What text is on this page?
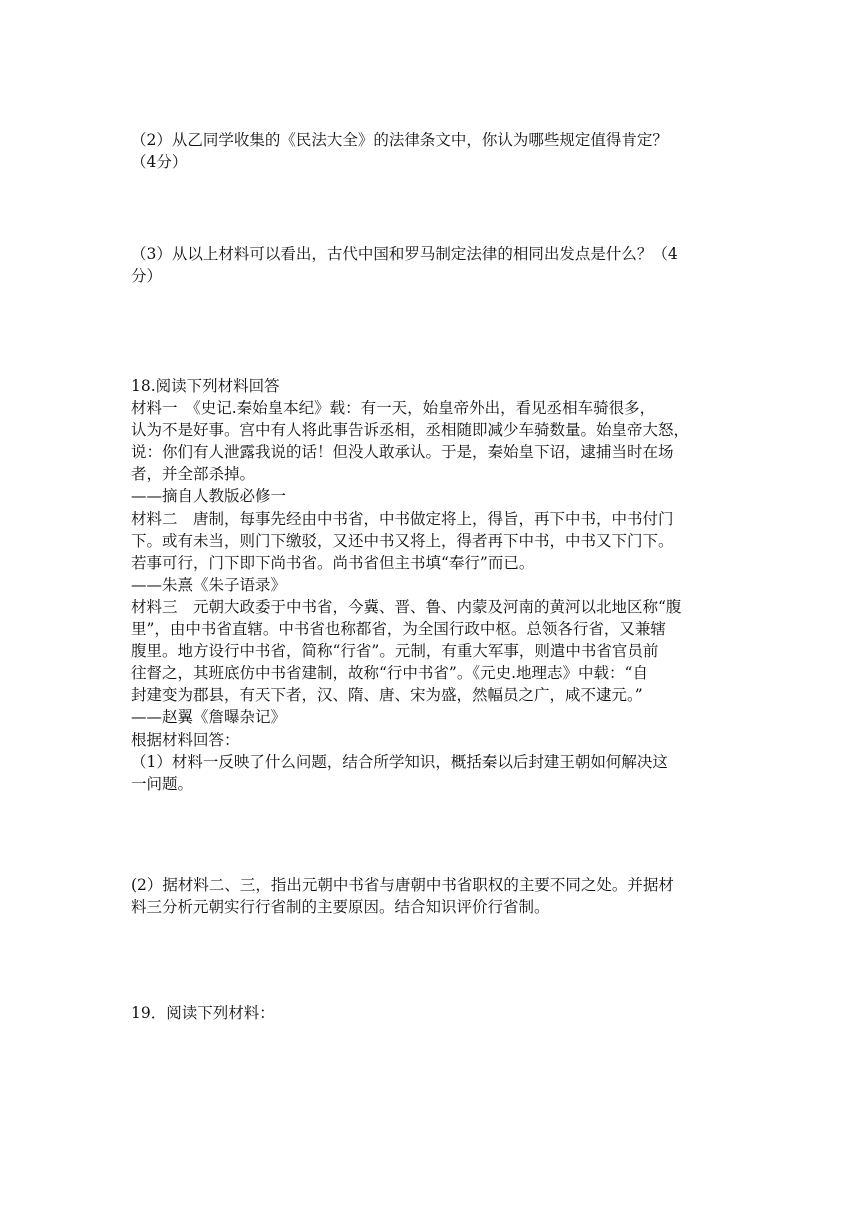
（2）从乙同学收集的《民法大全》的法律条文中，你认为哪些规定值得肯定？
（4分）
（3）从以上材料可以看出，古代中国和罗马制定法律的相同出发点是什么？（4
分）
18.阅读下列材料回答
材料一　《史记.秦始皇本纪》载：有一天，始皇帝外出，看见丞相车骑很多，
认为不是好事。宫中有人将此事告诉丞相，丞相随即减少车骑数量。始皇帝大怒，
说：你们有人泄露我说的话！但没人敢承认。于是，秦始皇下诏，逮捕当时在场
者，并全部杀掉。
——摘自人教版必修一
材料二　唐制，每事先经由中书省，中书做定将上，得旨，再下中书，中书付门
下。或有未当，则门下缴驳，又还中书又将上，得者再下中书，中书又下门下。
若事可行，门下即下尚书省。尚书省但主书填“奉行”而已。
——朱熹《朱子语录》
材料三　元朝大政委于中书省，今冀、晋、鲁、内蒙及河南的黄河以北地区称“腹
里”，由中书省直辖。中书省也称都省，为全国行政中枢。总领各行省，又兼辖
腹里。地方设行中书省，简称“行省”。元制，有重大军事，则遣中书省官员前
往督之，其班底仿中书省建制，故称“行中书省”。《元史.地理志》中载：“自
封建变为郡县，有天下者，汉、隋、唐、宋为盛，然幅员之广，咸不逮元。”
——赵翼《詹曝杂记》
根据材料回答：
（1）材料一反映了什么问题，结合所学知识，概括秦以后封建王朝如何解决这
一问题。
(2）据材料二、三，指出元朝中书省与唐朝中书省职权的主要不同之处。并据材
料三分析元朝实行行省制的主要原因。结合知识评价行省制。
19．阅读下列材料：
